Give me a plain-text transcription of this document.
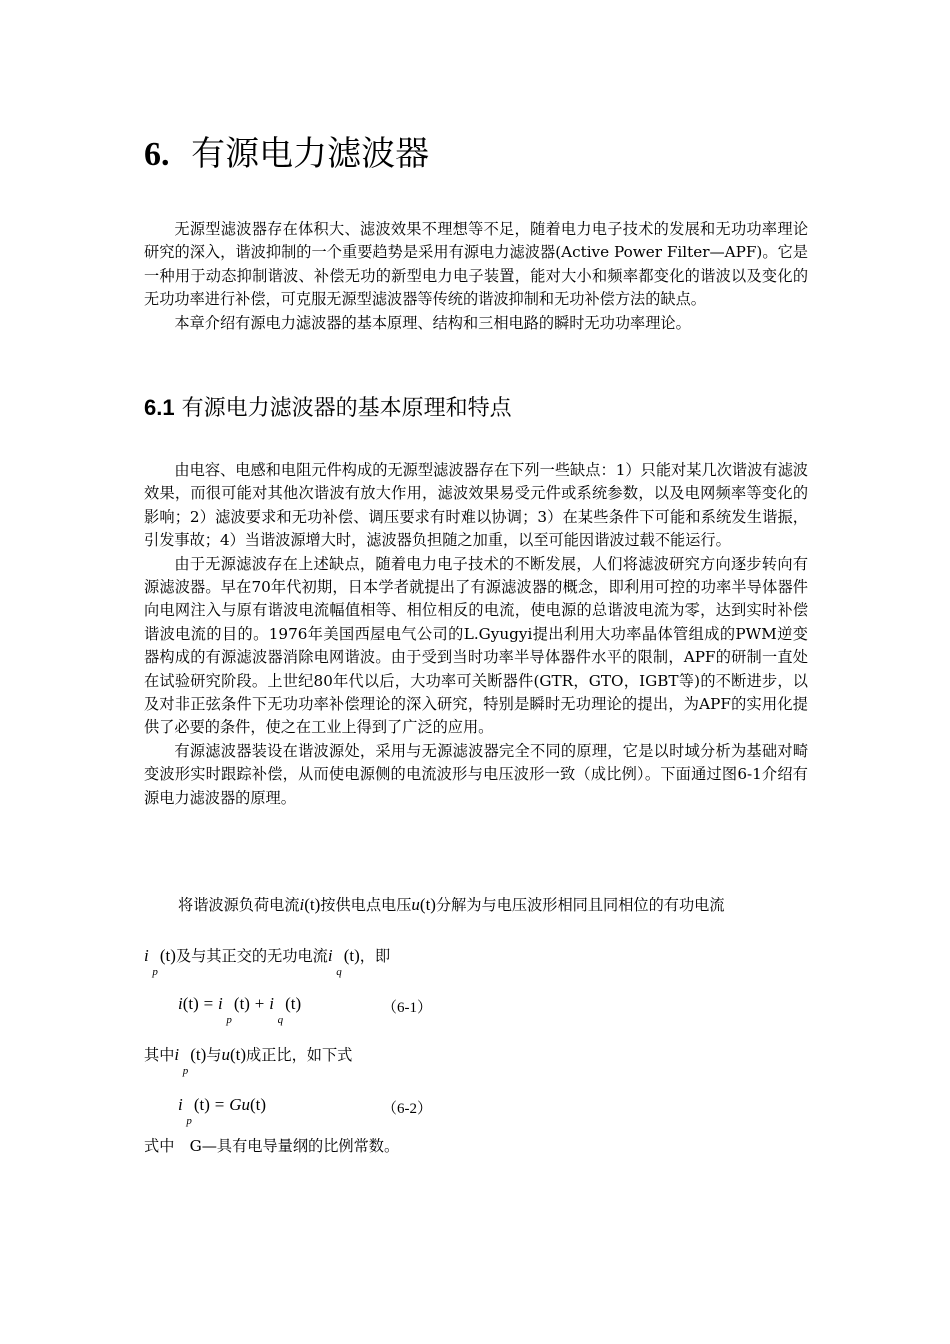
6. 有源电力滤波器

无源型滤波器存在体积大、滤波效果不理想等不足，随着电力电子技术的发展和无功功率理论研究的深入，谐波抑制的一个重要趋势是采用有源电力滤波器(Active Power Filter—APF)。它是一种用于动态抑制谐波、补偿无功的新型电力电子装置，能对大小和频率都变化的谐波以及变化的无功功率进行补偿，可克服无源型滤波器等传统的谐波抑制和无功补偿方法的缺点。

本章介绍有源电力滤波器的基本原理、结构和三相电路的瞬时无功功率理论。

6.1 有源电力滤波器的基本原理和特点

由电容、电感和电阻元件构成的无源型滤波器存在下列一些缺点：1）只能对某几次谐波有滤波效果，而很可能对其他次谐波有放大作用，滤波效果易受元件或系统参数，以及电网频率等变化的影响；2）滤波要求和无功补偿、调压要求有时难以协调；3）在某些条件下可能和系统发生谐振，引发事故；4）当谐波源增大时，滤波器负担随之加重，以至可能因谐波过载不能运行。

由于无源滤波存在上述缺点，随着电力电子技术的不断发展，人们将滤波研究方向逐步转向有源滤波器。早在70年代初期，日本学者就提出了有源滤波器的概念，即利用可控的功率半导体器件向电网注入与原有谐波电流幅值相等、相位相反的电流，使电源的总谐波电流为零，达到实时补偿谐波电流的目的。1976年美国西屋电气公司的L.Gyugyi提出利用大功率晶体管组成的PWM逆变器构成的有源滤波器消除电网谐波。由于受到当时功率半导体器件水平的限制，APF的研制一直处在试验研究阶段。上世纪80年代以后，大功率可关断器件(GTR，GTO，IGBT等)的不断进步，以及对非正弦条件下无功功率补偿理论的深入研究，特别是瞬时无功理论的提出，为APF的实用化提供了必要的条件，使之在工业上得到了广泛的应用。

有源滤波器装设在谐波源处，采用与无源滤波器完全不同的原理，它是以时域分析为基础对畸变波形实时跟踪补偿，从而使电源侧的电流波形与电压波形一致（成比例）。下面通过图6-1介绍有源电力滤波器的原理。

将谐波源负荷电流i(t)按供电点电压u(t)分解为与电压波形相同且同相位的有功电流
i  $_p$(t)及与其正交的无功电流i  $_q$(t)，即
i(t) = i  $_p$(t) + i  $_q$(t)	（6-1）
其中i  $_p$(t)与u(t)成正比，如下式
i  $_p$(t) = Gu(t)	（6-2）
式中　G—具有电导量纲的比例常数。
